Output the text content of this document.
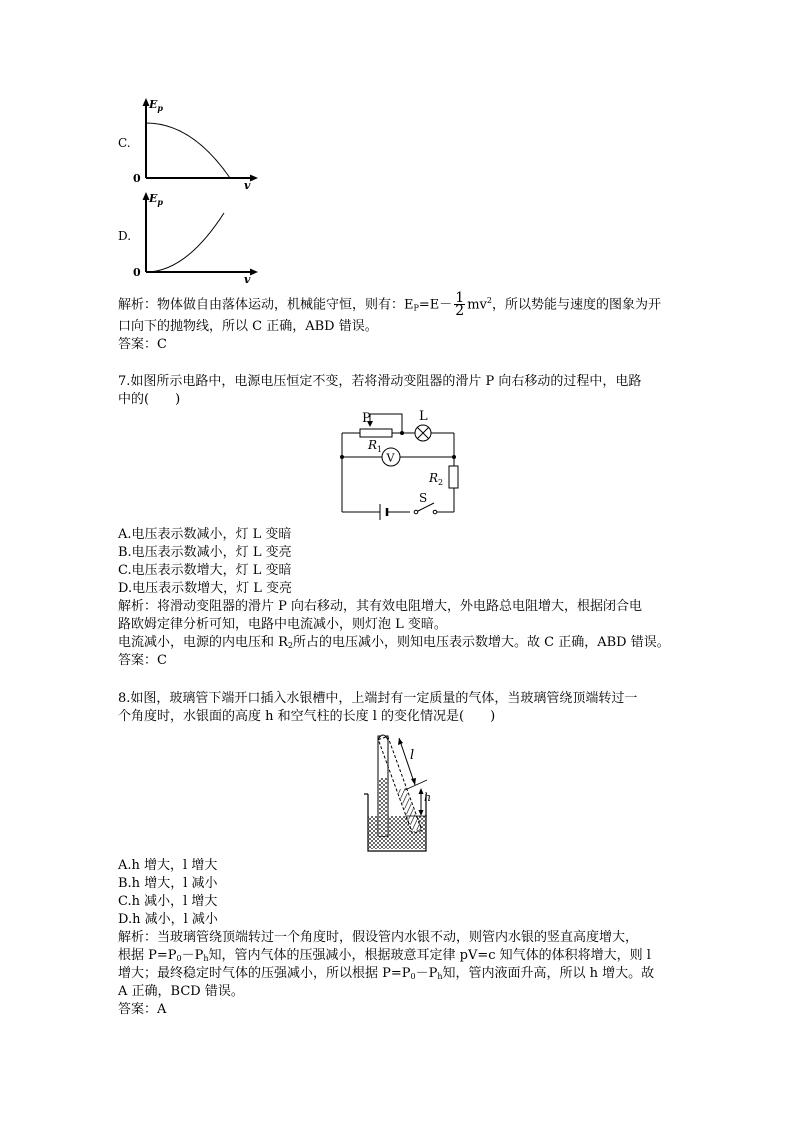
C.
$E_p$
0
v
D.
$E_p$
0
v
解析：物体做自由落体运动，机械能守恒，则有：$E_P=E- \frac{1}{2} mv^2$，所以势能与速度的图象为开
口向下的抛物线，所以 C 正确，ABD 错误。
答案：C
7.如图所示电路中，电源电压恒定不变，若将滑动变阻器的滑片 P 向右移动的过程中，电路
中的(　　)
P	L
$R_1$
V
$R_2$
S
A.电压表示数减小，灯 L 变暗
B.电压表示数减小，灯 L 变亮
C.电压表示数增大，灯 L 变暗
D.电压表示数增大，灯 L 变亮
解析：将滑动变阻器的滑片 P 向右移动，其有效电阻增大，外电路总电阻增大，根据闭合电
路欧姆定律分析可知，电路中电流减小，则灯泡 L 变暗。
电流减小，电源的内电压和 $R_2$所占的电压减小，则知电压表示数增大。故 C 正确，ABD 错误。
答案：C
8.如图，玻璃管下端开口插入水银槽中，上端封有一定质量的气体，当玻璃管绕顶端转过一
个角度时，水银面的高度 h 和空气柱的长度 l 的变化情况是(　　)
l
h
A.h 增大，l 增大
B.h 增大，l 减小
C.h 减小，l 增大
D.h 减小，l 减小
解析：当玻璃管绕顶端转过一个角度时，假设管内水银不动，则管内水银的竖直高度增大，
根据 $P=P_0-P_h$知，管内气体的压强减小，根据玻意耳定律 pV=c 知气体的体积将增大，则 l
增大；最终稳定时气体的压强减小，所以根据 $P=P_0-P_h$知，管内液面升高，所以 h 增大。故
A 正确，BCD 错误。
答案：A
